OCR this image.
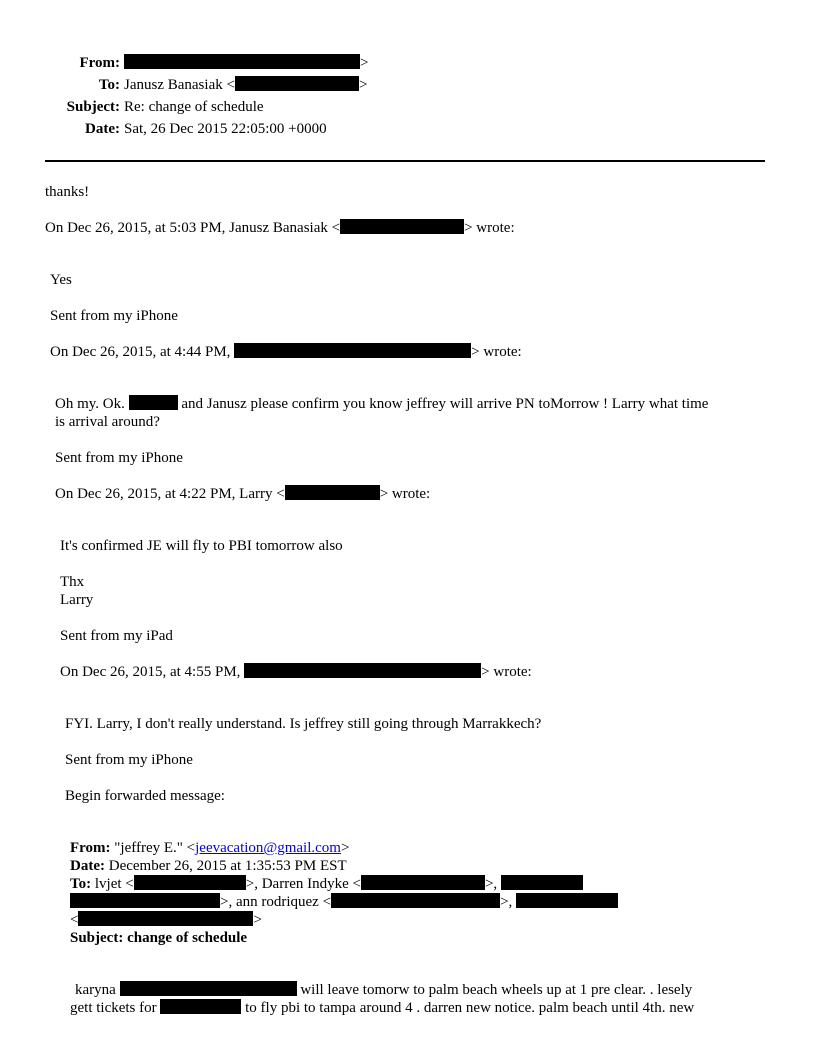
From:	>
To: Janusz Banasiak <	>
Subject: Re: change of schedule
Date: Sat, 26 Dec 2015 22:05:00 +0000
thanks!
On Dec 26, 2015, at 5:03 PM, Janusz Banasiak <	> wrote:
Yes
Sent from my iPhone
On Dec 26, 2015, at 4:44 PM,	> wrote:
Oh my. Ok.	and Janusz please confirm you know jeffrey will arrive PN toMorrow ! Larry what time
is arrival around?
Sent from my iPhone
On Dec 26, 2015, at 4:22 PM, Larry <	> wrote:
It's confirmed JE will fly to PBI tomorrow also
Thx
Larry
Sent from my iPad
On Dec 26, 2015, at 4:55 PM,	> wrote:
FYI. Larry, I don't really understand. Is jeffrey still going through Marrakkech?
Sent from my iPhone
Begin forwarded message:
From: "jeffrey E." <jeevacation@gmail.com>
Date: December 26, 2015 at 1:35:53 PM EST
To: lvjet <	>, Darren Indyke <	>,
>, ann rodriquez <	>,
<	>
Subject: change of schedule
karyna	will leave tomorw to palm beach wheels up at 1 pre clear. . lesely
gett tickets for	to fly pbi to tampa around 4 . darren new notice. palm beach until 4th. new
